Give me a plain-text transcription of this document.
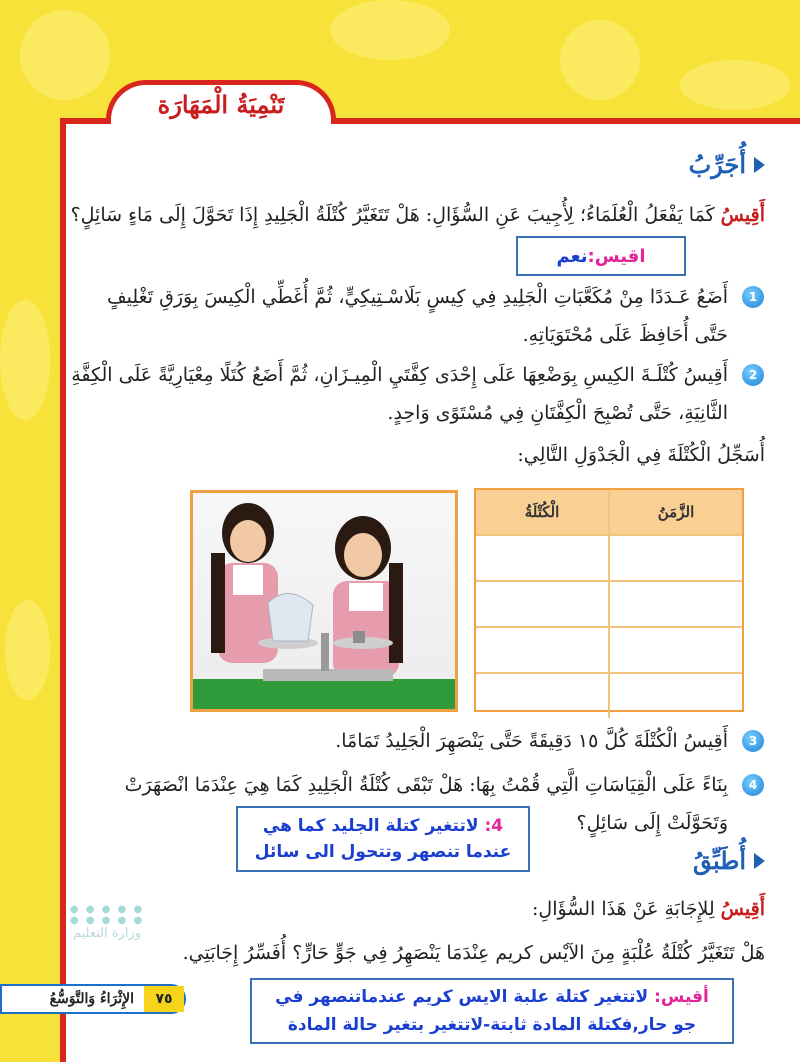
تَنْمِيَةُ الْمَهَارَة
أُجَرِّبُ
أَقِيسُ كَمَا يَفْعَلُ الْعُلَمَاءُ؛ لِأُجِيبَ عَنِ السُّؤَالِ: هَلْ تَتَغَيَّرُ كُتْلَةُ الْجَلِيدِ إِذَا تَحَوَّلَ إِلَى مَاءٍ سَائِلٍ؟
اقيس:
نعم
1
أَضَعُ عَـدَدًا مِنْ مُكَعَّبَاتِ الْجَلِيدِ فِي كِيسٍ بَلَاسْـتِيكِيٍّ، ثُمَّ أُغَطِّي الْكِيسَ بِوَرَقِ تَغْلِيفٍ حَتَّى أُحَافِظَ عَلَى مُحْتَوَيَاتِهِ.
2
أَقِيسُ كُتْلَـةَ الكِيسِ بِوَضْعِهَا عَلَى إِحْدَى كِفَّتَيِ الْمِيـزَانِ، ثُمَّ أَضَعُ كُتَلًا مِعْيَارِيَّةً عَلَى الْكِفَّةِ الثَّانِيَةِ، حَتَّى تُصْبِحَ الْكِفَّتَانِ فِي مُسْتَوًى وَاحِدٍ.
أُسَجِّلُ الْكُتْلَةَ فِي الْجَدْوَلِ التَّالِي:
الزَّمَنُ
الْكُتْلَةُ
3
أَقِيسُ الْكُتْلَةَ كُلَّ ١٥ دَقِيقَةً حَتَّى يَنْصَهِرَ الْجَلِيدُ تَمَامًا.
4
بِنَاءً عَلَى الْقِيَاسَاتِ الَّتِي قُمْتُ بِهَا: هَلْ تَبْقَى كُتْلَةُ الْجَلِيدِ كَمَا هِيَ عِنْدَمَا انْصَهَرَتْ وَتَحَوَّلَتْ إِلَى سَائِلٍ؟
4: لاتتغير كتلة الجليد كما هي عندما تنصهر وتتحول الى سائل	أُطَبِّقُ
أَقِيسُ لِلإِجَابَةِ عَنْ هَذَا السُّؤَالِ:
هَلْ تَتَغَيَّرُ كُتْلَةُ عُلْبَةٍ مِنَ الآيْس كريم عِنْدَمَا يَنْصَهِرُ فِي جَوٍّ حَارٍّ؟ أُفَسِّرُ إِجَابَتِي.
أقيس: لاتتغير كتلة علبة الايس كريم عندماتنصهر في جو حار,فكتلة المادة ثابتة-لاتتغير بتغير حالة المادة
● ● ● ● ●
● ● ● ● ●
وزارة التعليم
٧٥
الإِثْرَاءُ وَالتَّوَسُّعُ
